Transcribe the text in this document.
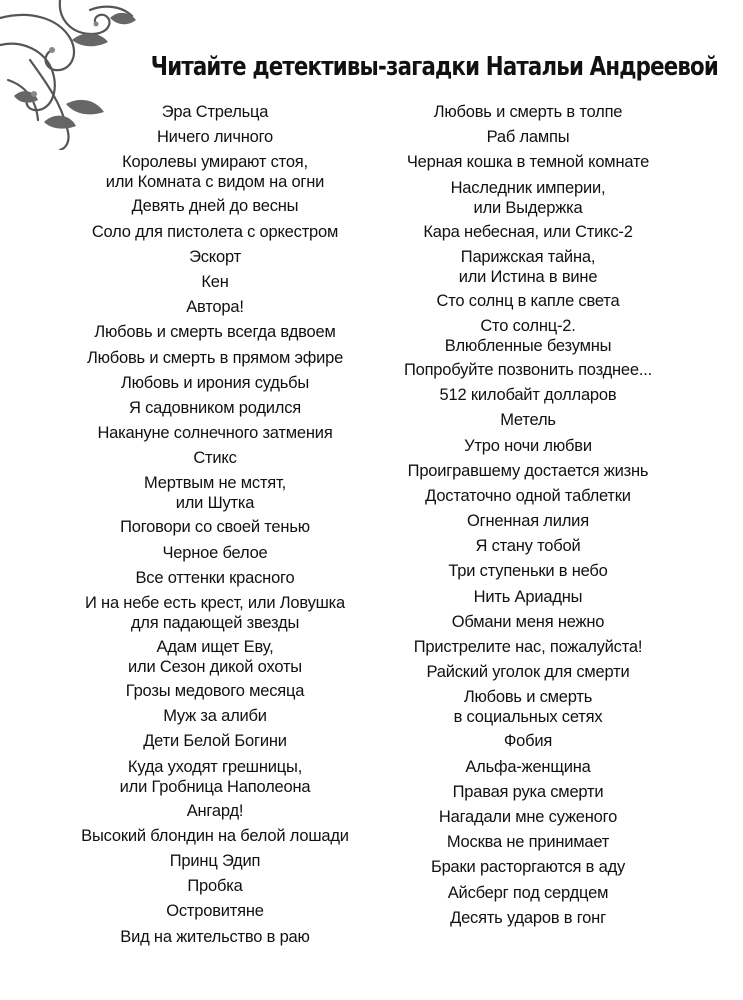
Читайте детективы-загадки Натальи Андреевой
Эра Стрельца
Ничего личного
Королевы умирают стоя,
или Комната с видом на огни
Девять дней до весны
Соло для пистолета с оркестром
Эскорт
Кен
Автора!
Любовь и смерть всегда вдвоем
Любовь и смерть в прямом эфире
Любовь и ирония судьбы
Я садовником родился
Накануне солнечного затмения
Стикс
Мертвым не мстят,
или Шутка
Поговори со своей тенью
Черное белое
Все оттенки красного
И на небе есть крест, или Ловушка
для падающей звезды
Адам ищет Еву,
или Сезон дикой охоты
Грозы медового месяца
Муж за алиби
Дети Белой Богини
Куда уходят грешницы,
или Гробница Наполеона
Ангард!
Высокий блондин на белой лошади
Принц Эдип
Пробка
Островитяне
Вид на жительство в раю
Любовь и смерть в толпе
Раб лампы
Черная кошка в темной комнате
Наследник империи,
или Выдержка
Кара небесная, или Стикс-2
Парижская тайна,
или Истина в вине
Сто солнц в капле света
Сто солнц-2.
Влюбленные безумны
Попробуйте позвонить позднее...
512 килобайт долларов
Метель
Утро ночи любви
Проигравшему достается жизнь
Достаточно одной таблетки
Огненная лилия
Я стану тобой
Три ступеньки в небо
Нить Ариадны
Обмани меня нежно
Пристрелите нас, пожалуйста!
Райский уголок для смерти
Любовь и смерть
в социальных сетях
Фобия
Альфа-женщина
Правая рука смерти
Нагадали мне суженого
Москва не принимает
Браки расторгаются в аду
Айсберг под сердцем
Десять ударов в гонг
